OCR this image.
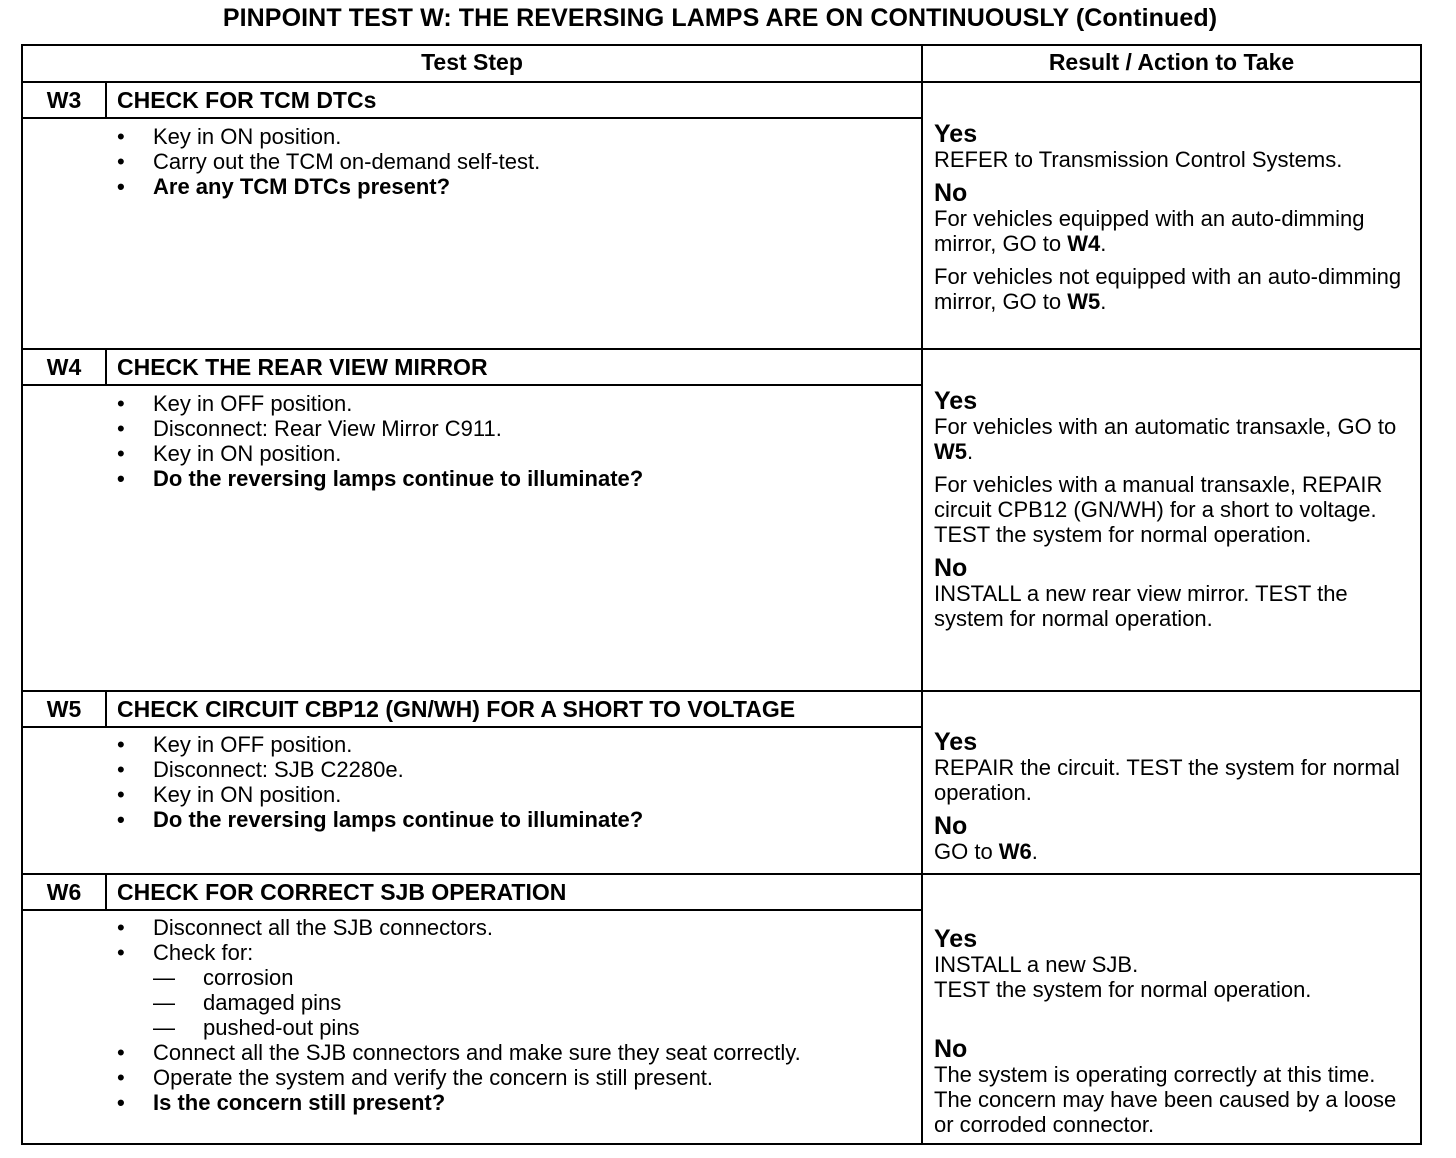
PINPOINT TEST W: THE REVERSING LAMPS ARE ON CONTINUOUSLY (Continued)
Test Step	Result / Action to Take
W3	CHECK FOR TCM DTCs
• Key in ON position.
• Carry out the TCM on-demand self-test.
• Are any TCM DTCs present?
Yes

REFER to Transmission Control Systems.

No

For vehicles equipped with an auto-dimming mirror, GO to W4.

For vehicles not equipped with an auto-dimming mirror, GO to W5.

W4	CHECK THE REAR VIEW MIRROR
• Key in OFF position.
• Disconnect: Rear View Mirror C911.
• Key in ON position.
• Do the reversing lamps continue to illuminate?
Yes

For vehicles with an automatic transaxle, GO to W5.

For vehicles with a manual transaxle, REPAIR circuit CPB12 (GN/WH) for a short to voltage. TEST the system for normal operation.

No

INSTALL a new rear view mirror. TEST the system for normal operation.

W5	CHECK CIRCUIT CBP12 (GN/WH) FOR A SHORT TO VOLTAGE
• Key in OFF position.
• Disconnect: SJB C2280e.
• Key in ON position.
• Do the reversing lamps continue to illuminate?
Yes

REPAIR the circuit. TEST the system for normal operation.

No

GO to W6.

W6	CHECK FOR CORRECT SJB OPERATION
• Disconnect all the SJB connectors.
• Check for:
— corrosion
— damaged pins
— pushed-out pins
• Connect all the SJB connectors and make sure they seat correctly.
• Operate the system and verify the concern is still present.
• Is the concern still present?
Yes
INSTALL a new SJB.

TEST the system for normal operation.

No

The system is operating correctly at this time. The concern may have been caused by a loose or corroded connector.
